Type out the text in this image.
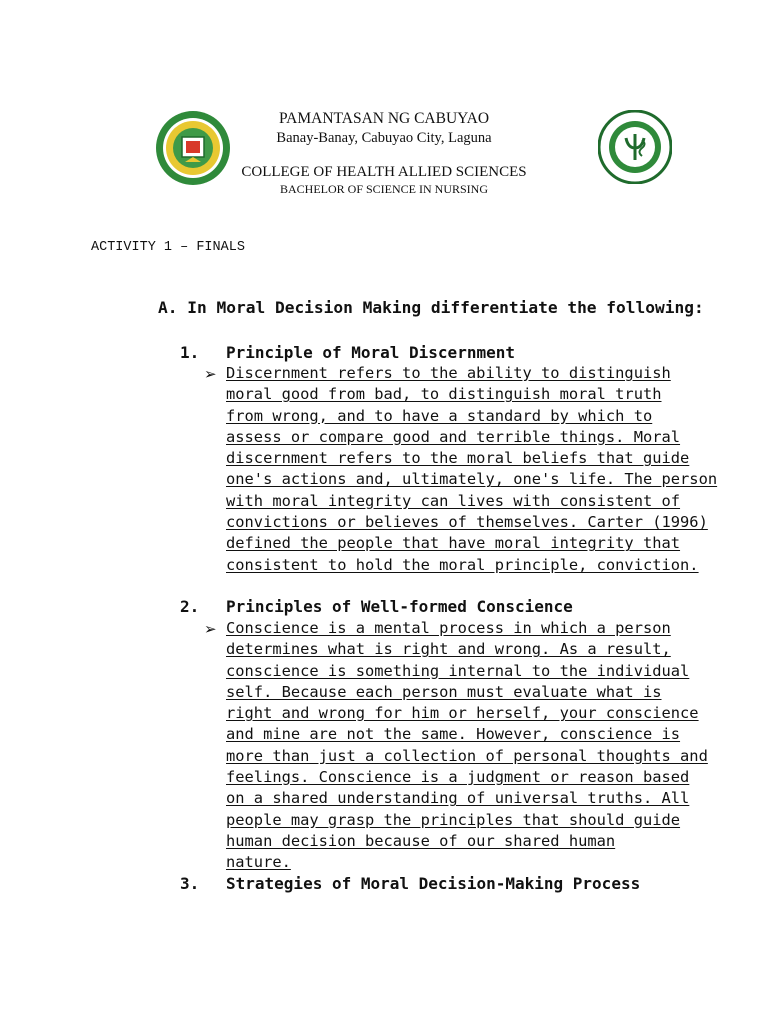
PAMANTASAN NG CABUYAO
Banay-Banay, Cabuyao City, Laguna
COLLEGE OF HEALTH ALLIED SCIENCES
BACHELOR OF SCIENCE IN NURSING
ACTIVITY 1 – FINALS
A. In Moral Decision Making differentiate the following:
1. Principle of Moral Discernment
➢ Discernment refers to the ability to distinguish
moral good from bad, to distinguish moral truth
from wrong, and to have a standard by which to
assess or compare good and terrible things. Moral
discernment refers to the moral beliefs that guide
one's actions and, ultimately, one's life. The person
with moral integrity can lives with consistent of
convictions or believes of themselves. Carter (1996)
defined the people that have moral integrity that
consistent to hold the moral principle, conviction.
2. Principles of Well-formed Conscience
➢ Conscience is a mental process in which a person
determines what is right and wrong. As a result,
conscience is something internal to the individual
self. Because each person must evaluate what is
right and wrong for him or herself, your conscience
and mine are not the same. However, conscience is
more than just a collection of personal thoughts and
feelings. Conscience is a judgment or reason based
on a shared understanding of universal truths. All
people may grasp the principles that should guide
human decision because of our shared human
nature.
3. Strategies of Moral Decision-Making Process
